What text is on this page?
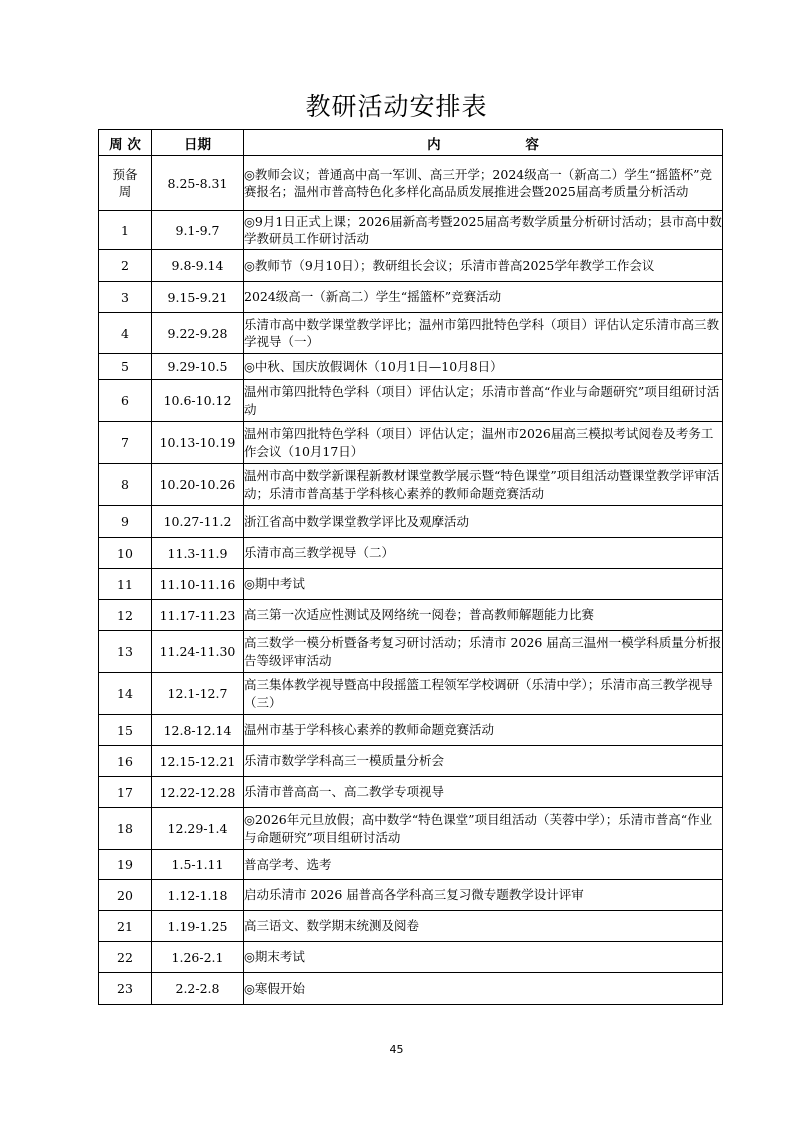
教研活动安排表
周 次	日期	内 容

预备周	8.25-8.31	◎教师会议；普通高中高一军训、高三开学；2024级高一（新高二）学生“摇篮杯”竞赛报名；温州市普高特色化多样化高品质发展推进会暨2025届高考质量分析活动
1	9.1-9.7	◎9月1日正式上课；2026届新高考暨2025届高考数学质量分析研讨活动；县市高中数学教研员工作研讨活动
2	9.8-9.14	◎教师节（9月10日）；教研组长会议；乐清市普高2025学年教学工作会议
3	9.15-9.21	2024级高一（新高二）学生“摇篮杯”竞赛活动
4	9.22-9.28	乐清市高中数学课堂教学评比；温州市第四批特色学科（项目）评估认定乐清市高三教学视导（一）
5	9.29-10.5	◎中秋、国庆放假调休（10月1日—10月8日）
6	10.6-10.12	温州市第四批特色学科（项目）评估认定；乐清市普高“作业与命题研究”项目组研讨活动
7	10.13-10.19	温州市第四批特色学科（项目）评估认定；温州市2026届高三模拟考试阅卷及考务工作会议（10月17日）
8	10.20-10.26	温州市高中数学新课程新教材课堂教学展示暨“特色课堂”项目组活动暨课堂教学评审活动；乐清市普高基于学科核心素养的教师命题竞赛活动
9	10.27-11.2	浙江省高中数学课堂教学评比及观摩活动
10	11.3-11.9	乐清市高三教学视导（二）
11	11.10-11.16	◎期中考试
12	11.17-11.23	高三第一次适应性测试及网络统一阅卷；普高教师解题能力比赛
13	11.24-11.30	高三数学一模分析暨备考复习研讨活动；乐清市 2026 届高三温州一模学科质量分析报告等级评审活动
14	12.1-12.7	高三集体教学视导暨高中段摇篮工程领军学校调研（乐清中学）；乐清市高三教学视导（三）
15	12.8-12.14	温州市基于学科核心素养的教师命题竞赛活动
16	12.15-12.21	乐清市数学学科高三一模质量分析会
17	12.22-12.28	乐清市普高高一、高二教学专项视导
18	12.29-1.4	◎2026年元旦放假；高中数学“特色课堂”项目组活动（芙蓉中学）；乐清市普高“作业与命题研究”项目组研讨活动
19	1.5-1.11	普高学考、选考
20	1.12-1.18	启动乐清市 2026 届普高各学科高三复习微专题教学设计评审
21	1.19-1.25	高三语文、数学期末统测及阅卷
22	1.26-2.1	◎期末考试
23	2.2-2.8	◎寒假开始
45
